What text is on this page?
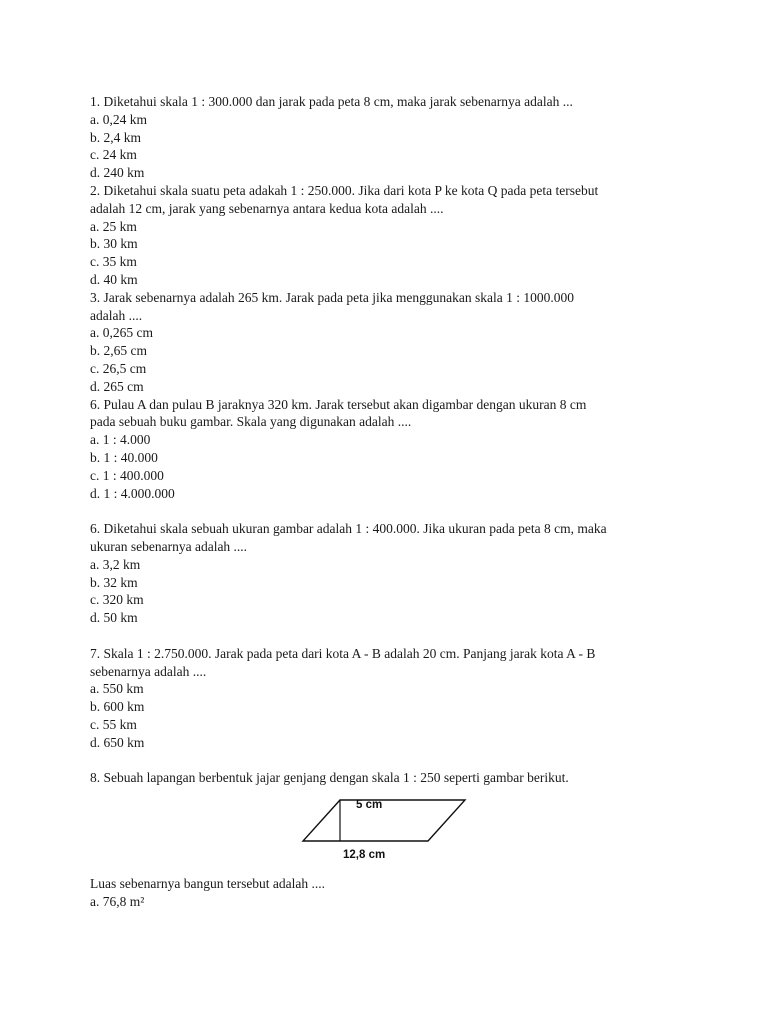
1. Diketahui skala 1 : 300.000 dan jarak pada peta 8 cm, maka jarak sebenarnya adalah ...
a. 0,24 km
b. 2,4 km
c. 24 km
d. 240 km
2. Diketahui skala suatu peta adakah 1 : 250.000. Jika dari kota P ke kota Q pada peta tersebut
adalah 12 cm, jarak yang sebenarnya antara kedua kota adalah ....
a. 25 km
b. 30 km
c. 35 km
d. 40 km
3. Jarak sebenarnya adalah 265 km. Jarak pada peta jika menggunakan skala 1 : 1000.000
adalah ....
a. 0,265 cm
b. 2,65 cm
c. 26,5 cm
d. 265 cm
6. Pulau A dan pulau B jaraknya 320 km. Jarak tersebut akan digambar dengan ukuran 8 cm
pada sebuah buku gambar. Skala yang digunakan adalah ....
a. 1 : 4.000
b. 1 : 40.000
c. 1 : 400.000
d. 1 : 4.000.000
6. Diketahui skala sebuah ukuran gambar adalah 1 : 400.000. Jika ukuran pada peta 8 cm, maka
ukuran sebenarnya adalah ....
a. 3,2 km
b. 32 km
c. 320 km
d. 50 km
7. Skala 1 : 2.750.000. Jarak pada peta dari kota A - B adalah 20 cm. Panjang jarak kota A - B
sebenarnya adalah ....
a. 550 km
b. 600 km
c. 55 km
d. 650 km
8. Sebuah lapangan berbentuk jajar genjang dengan skala 1 : 250 seperti gambar berikut.
5 cm
12,8 cm
Luas sebenarnya bangun tersebut adalah ....
a. 76,8 m²
